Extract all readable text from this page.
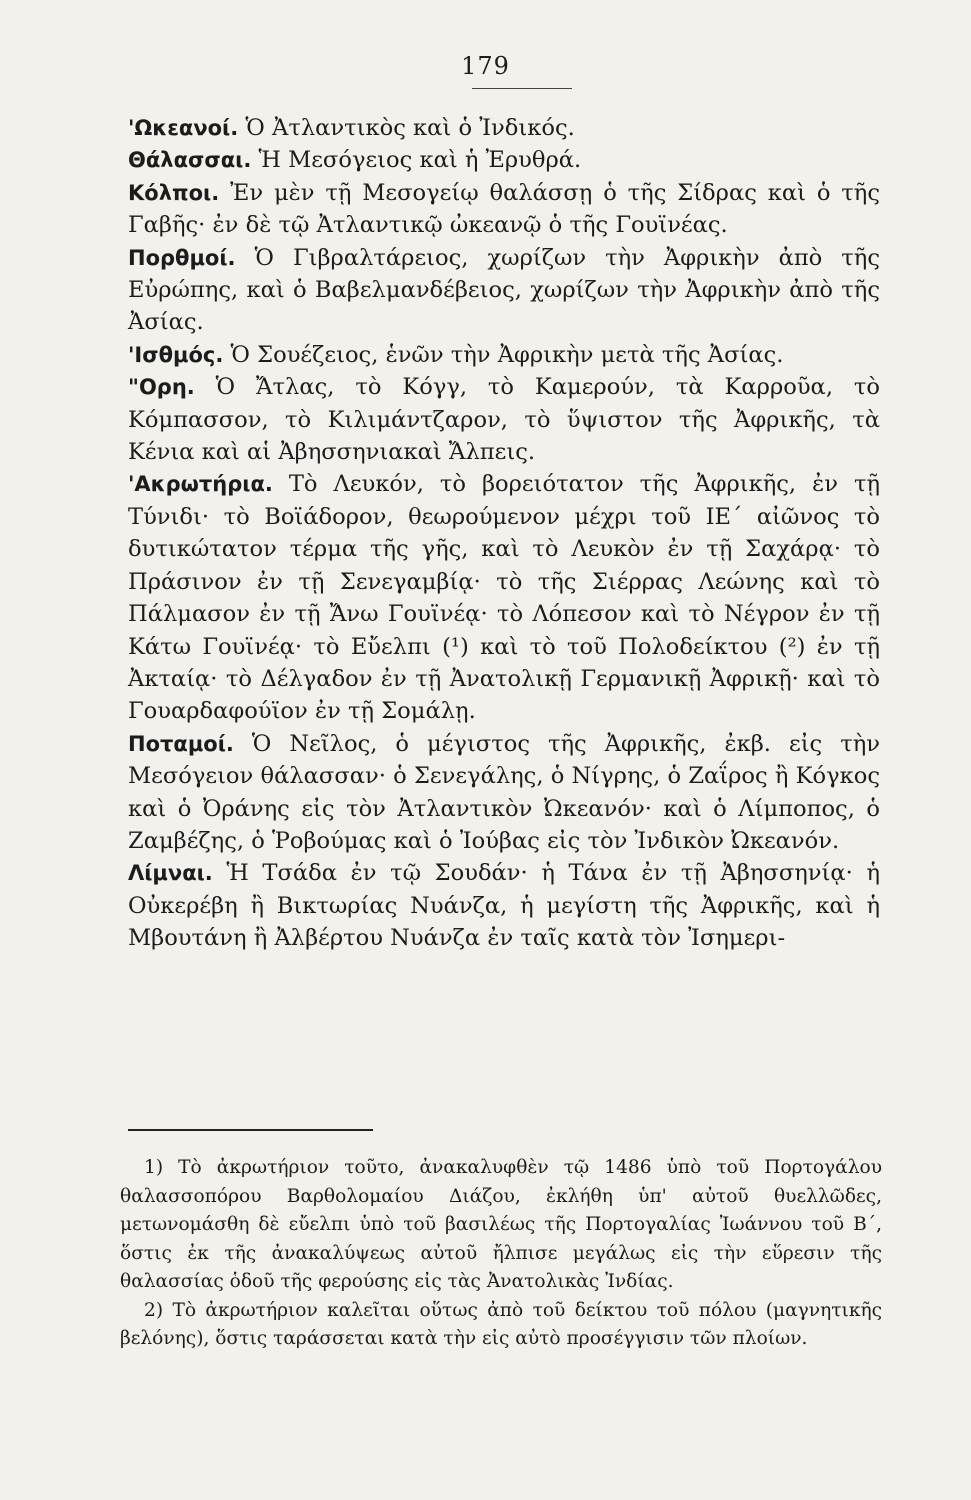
179

'Ωκεανοί. Ὁ Ἀτλαντικὸς καὶ ὁ Ἰνδικός.

Θάλασσαι. Ἡ Μεσόγειος καὶ ἡ Ἐρυθρά.

Κόλποι. Ἐν μὲν τῇ Μεσογείῳ θαλάσσῃ ὁ τῆς Σίδρας καὶ ὁ τῆς Γαβῆς· ἐν δὲ τῷ Ἀτλαντικῷ ὠκεανῷ ὁ τῆς Γουϊνέας.

Πορθμοί. Ὁ Γιβραλτάρειος, χωρίζων τὴν Ἀφρικὴν ἀπὸ τῆς Εὐρώπης, καὶ ὁ Βαβελμανδέβειος, χωρίζων τὴν Ἀφρικὴν ἀπὸ τῆς Ἀσίας.

'Ισθμός. Ὁ Σουέζειος, ἑνῶν τὴν Ἀφρικὴν μετὰ τῆς Ἀσίας.

"Ορη. Ὁ Ἄτλας, τὸ Κόγγ, τὸ Καμερούν, τὰ Καρροῦα, τὸ Κόμπασσον, τὸ Κιλιμάντζαρον, τὸ ὕψιστον τῆς Ἀφρικῆς, τὰ Κένια καὶ αἱ Ἀβησσηνιακαὶ Ἄλπεις.

'Ακρωτήρια. Τὸ Λευκόν, τὸ βορειότατον τῆς Ἀφρικῆς, ἐν τῇ Τύνιδι· τὸ Βοϊάδορον, θεωρούμενον μέχρι τοῦ ΙΕ΄ αἰῶνος τὸ δυτικώτατον τέρμα τῆς γῆς, καὶ τὸ Λευκὸν ἐν τῇ Σαχάρᾳ· τὸ Πράσινον ἐν τῇ Σενεγαμβίᾳ· τὸ τῆς Σιέρρας Λεώνης καὶ τὸ Πάλμασον ἐν τῇ Ἄνω Γουϊνέᾳ· τὸ Λόπεσον καὶ τὸ Νέγρον ἐν τῇ Κάτω Γουϊνέᾳ· τὸ Εὔελπι (¹) καὶ τὸ τοῦ Πολοδείκτου (²) ἐν τῇ Ἀκταίᾳ· τὸ Δέλγαδον ἐν τῇ Ἀνατολικῇ Γερμανικῇ Ἀφρικῇ· καὶ τὸ Γουαρδαφούϊον ἐν τῇ Σομάλῃ.

Ποταμοί. Ὁ Νεῖλος, ὁ μέγιστος τῆς Ἀφρικῆς, ἐκβ. εἰς τὴν Μεσόγειον θάλασσαν· ὁ Σενεγάλης, ὁ Νίγρης, ὁ Ζαΐρος ἢ Κόγκος καὶ ὁ Ὀράνης εἰς τὸν Ἀτλαντικὸν Ὠκεανόν· καὶ ὁ Λίμποπος, ὁ Ζαμβέζης, ὁ Ῥοβούμας καὶ ὁ Ἰούβας εἰς τὸν Ἰνδικὸν Ὠκεανόν.

Λίμναι. Ἡ Τσάδα ἐν τῷ Σουδάν· ἡ Τάνα ἐν τῇ Ἀβησσηνίᾳ· ἡ Οὐκερέβη ἢ Βικτωρίας Νυάνζα, ἡ μεγίστη τῆς Ἀφρικῆς, καὶ ἡ Μβουτάνη ἢ Ἀλβέρτου Νυάνζα ἐν ταῖς κατὰ τὸν Ἰσημερι-

1) Τὸ ἀκρωτήριον τοῦτο, ἀνακαλυφθὲν τῷ 1486 ὑπὸ τοῦ Πορτογάλου θαλασσοπόρου Βαρθολομαίου Διάζου, ἐκλήθη ὑπ' αὐτοῦ θυελλῶδες, μετωνομάσθη δὲ εὔελπι ὑπὸ τοῦ βασιλέως τῆς Πορτογαλίας Ἰωάννου τοῦ Β΄, ὅστις ἐκ τῆς ἀνακαλύψεως αὐτοῦ ἤλπισε μεγάλως εἰς τὴν εὕρεσιν τῆς θαλασσίας ὁδοῦ τῆς φερούσης εἰς τὰς Ἀνατολικὰς Ἰνδίας.

2) Τὸ ἀκρωτήριον καλεῖται οὕτως ἀπὸ τοῦ δείκτου τοῦ πόλου (μαγνητικῆς βελόνης), ὅστις ταράσσεται κατὰ τὴν εἰς αὐτὸ προσέγγισιν τῶν πλοίων.
